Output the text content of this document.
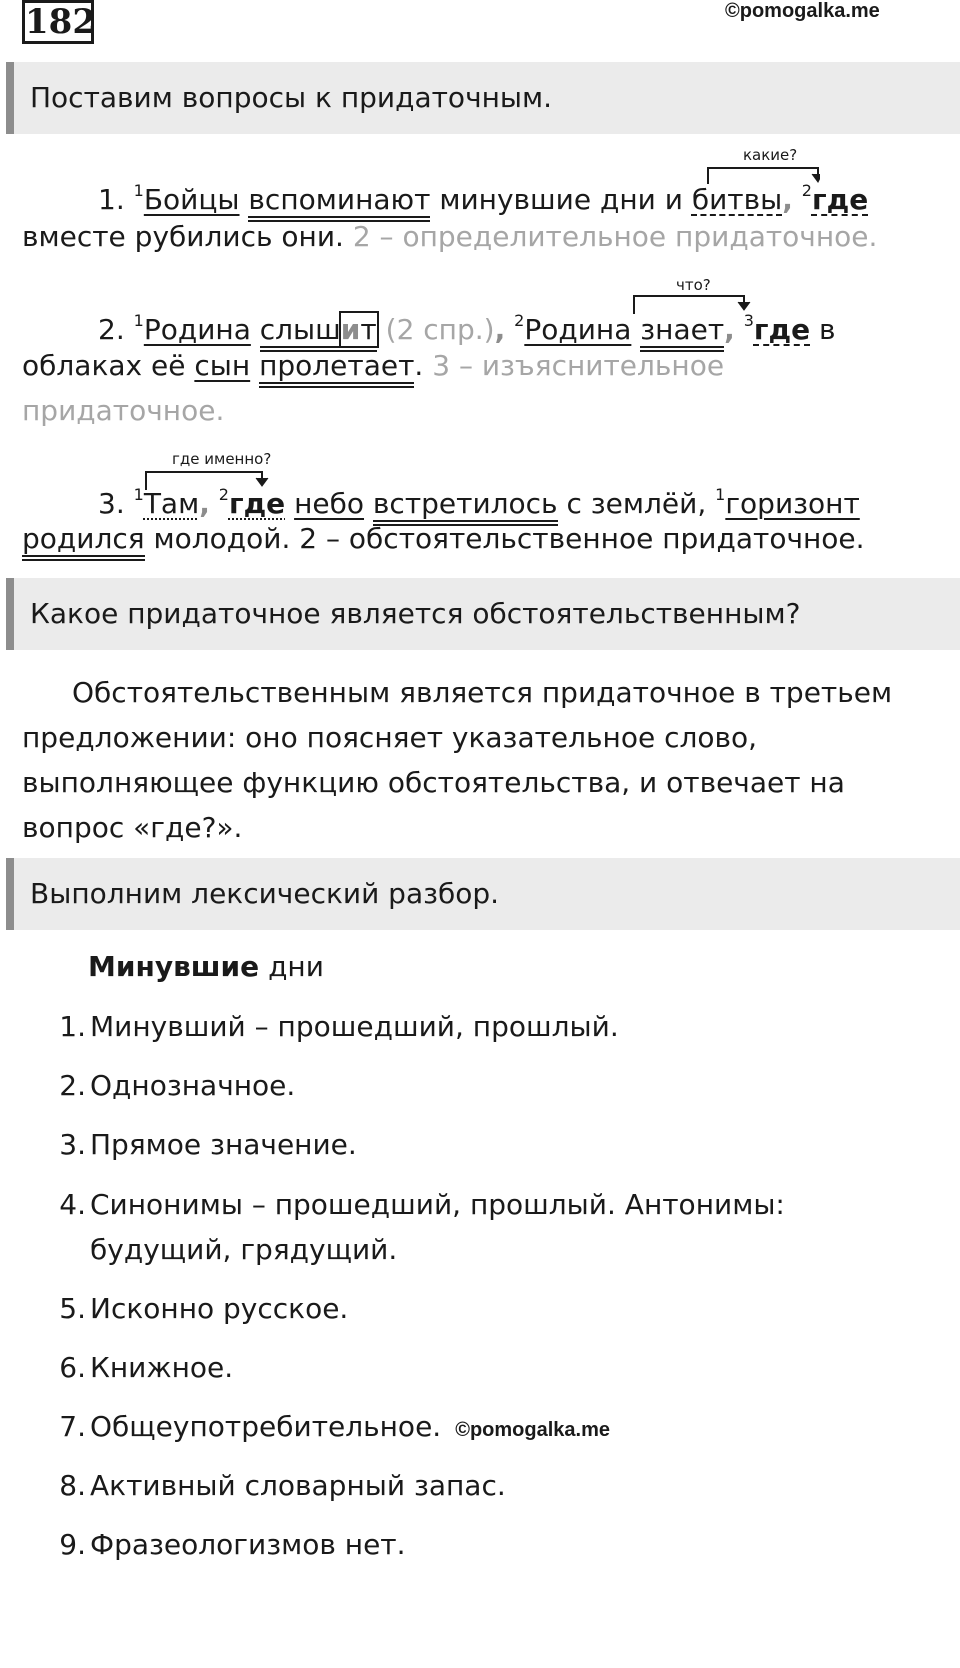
182	©pomogalka.me
Поставим вопросы к придаточным.
какие?
1. $^1$Бойцы вспоминают минувшие дни и битвы, $^2$где
вместе рубились они. 2 – определительное придаточное.
что?
2. $^1$Родина слышит (2 спр.), $^2$Родина знает, $^3$где в
облаках её сын пролетает. 3 – изъяснительное придаточное.
где именно?
3. $^1$Там, $^2$где небо встретилось с землёй, $^1$горизонт
родился молодой. 2 – обстоятельственное придаточное.
Какое придаточное является обстоятельственным?
Обстоятельственным является придаточное в третьем
предложении: оно поясняет указательное слово,
выполняющее функцию обстоятельства, и отвечает на
вопрос «где?».
Выполним лексический разбор.
Минувшие дни
1. Минувший – прошедший, прошлый.
2. Однозначное.
3. Прямое значение.
4. Синонимы – прошедший, прошлый. Антонимы:
будущий, грядущий.
5. Исконно русское.
6. Книжное.
7. Общеупотребительное. ©pomogalka.me
8. Активный словарный запас.
9. Фразеологизмов нет.
